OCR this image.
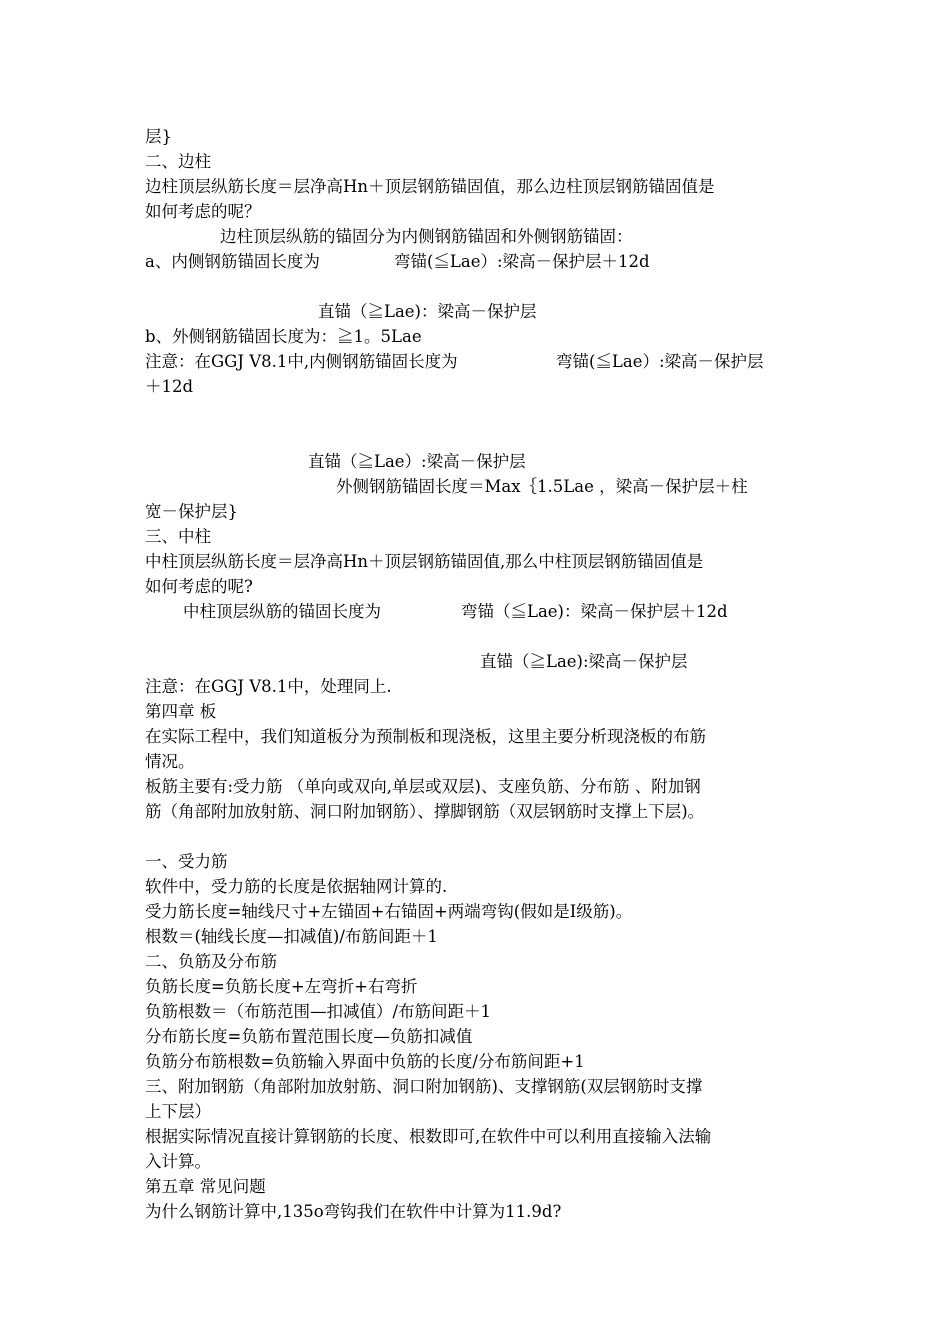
层}

二、边柱

边柱顶层纵筋长度＝层净高Hn＋顶层钢筋锚固值，那么边柱顶层钢筋锚固值是

如何考虑的呢？

边柱顶层纵筋的锚固分为内侧钢筋锚固和外侧钢筋锚固：

a、内侧钢筋锚固长度为	弯锚(≦Lae）:梁高－保护层＋12d

直锚（≧Lae)：梁高－保护层

b、外侧钢筋锚固长度为：≧1。5Lae

注意：在GGJ V8.1中,内侧钢筋锚固长度为	弯锚(≦Lae）:梁高－保护层

＋12d

直锚（≧Lae）:梁高－保护层

外侧钢筋锚固长度＝Max｛1.5Lae ，梁高－保护层＋柱

宽－保护层}

三、中柱

中柱顶层纵筋长度＝层净高Hn＋顶层钢筋锚固值,那么中柱顶层钢筋锚固值是

如何考虑的呢?

中柱顶层纵筋的锚固长度为	弯锚（≦Lae)：梁高－保护层＋12d

直锚（≧Lae):梁高－保护层

注意：在GGJ V8.1中，处理同上.

第四章 板

在实际工程中，我们知道板分为预制板和现浇板，这里主要分析现浇板的布筋

情况。

板筋主要有:受力筋 （单向或双向,单层或双层)、支座负筋、分布筋 、附加钢

筋（角部附加放射筋、洞口附加钢筋）、撑脚钢筋（双层钢筋时支撑上下层)。

一、受力筋

软件中，受力筋的长度是依据轴网计算的.

受力筋长度=轴线尺寸+左锚固+右锚固+两端弯钩(假如是Ⅰ级筋)。

根数＝(轴线长度—扣减值)/布筋间距＋1

二、负筋及分布筋

负筋长度=负筋长度+左弯折+右弯折

负筋根数＝（布筋范围—扣减值）/布筋间距＋1

分布筋长度=负筋布置范围长度—负筋扣减值

负筋分布筋根数=负筋输入界面中负筋的长度/分布筋间距+1

三、附加钢筋（角部附加放射筋、洞口附加钢筋)、支撑钢筋(双层钢筋时支撑

上下层）

根据实际情况直接计算钢筋的长度、根数即可,在软件中可以利用直接输入法输

入计算。

第五章 常见问题

为什么钢筋计算中,135o弯钩我们在软件中计算为11.9d?
